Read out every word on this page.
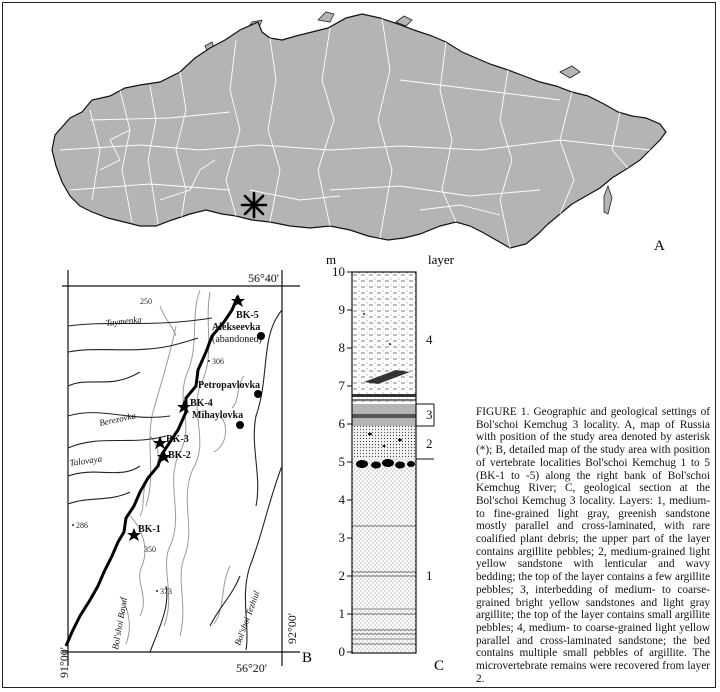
A
BK-5
BK-4
BK-3
BK-2
BK-1
Alekseevka
(abandoned)
Petropavlovka
Mihaylovka
Taymenka
Berezovka
Talovaya
Bol'shoi Bayul	Bol'shoi Tezhiul
250
306
286
350
373
56°40'
56°20'
91°00'
92°00'
B
m	layer
10
9
8
7
6
5
4
3
2
1
0
4
3
2
1
C
FIGURE 1. Geographic and geological settings of Bol'schoi Kemchug 3 locality. A, map of Russia with position of the study area denoted by asterisk (*); B, detailed map of the study area with position of vertebrate localities Bol'schoi Kemchug 1 to 5 (BK-1 to -5) along the right bank of Bol'schoi Kemchug River; C, geological section at the Bol'schoi Kemchug 3 locality. Layers: 1, medium- to fine-grained light gray, greenish sandstone mostly parallel and cross-laminated, with rare coalified plant debris; the upper part of the layer contains argillite pebbles; 2, medium-grained light yellow sandstone with lenticular and wavy bedding; the top of the layer contains a few argillite pebbles; 3, interbedding of medium- to coarse-grained bright yellow sandstones and light gray argillite; the top of the layer contains small argillite pebbles; 4, medium- to coarse-grained light yellow parallel and cross-laminated sandstone; the bed contains multiple small pebbles of argillite. The microvertebrate remains were recovered from layer 2.
